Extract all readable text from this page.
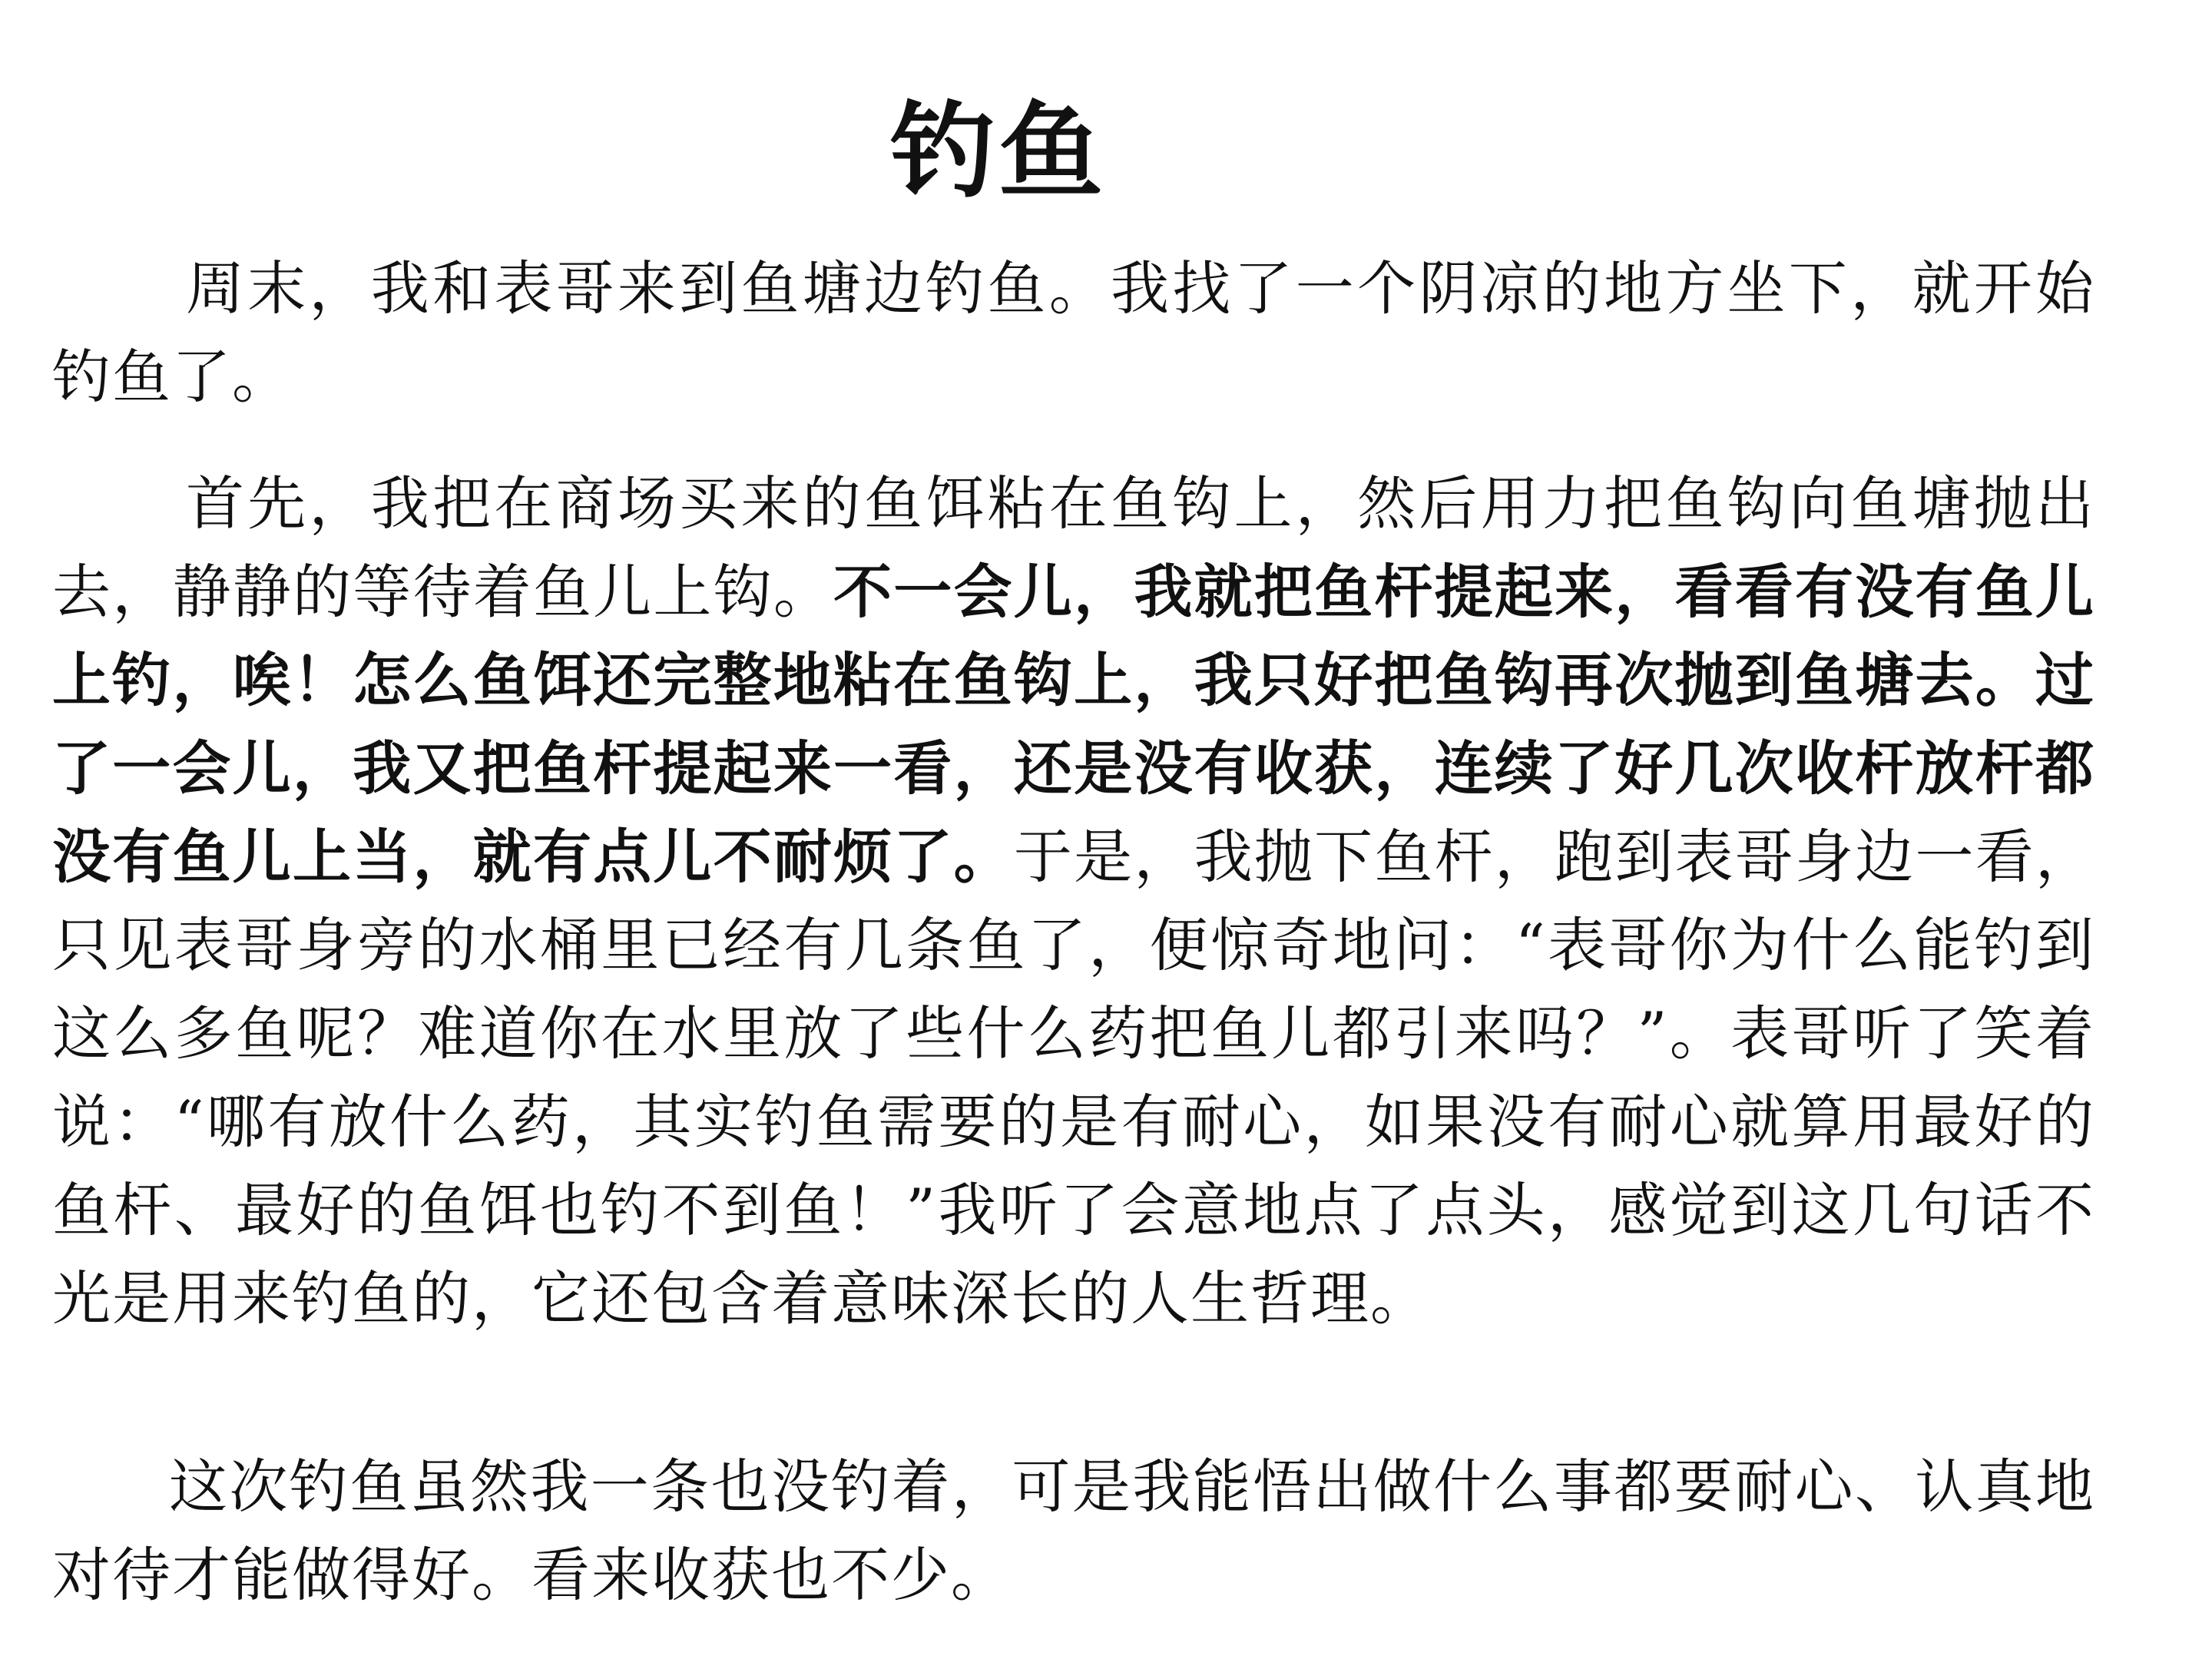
钓鱼

周末，我和表哥来到鱼塘边钓鱼。我找了一个阴凉的地方坐下，就开始钓鱼了。

首先，我把在商场买来的鱼饵粘在鱼钩上，然后用力把鱼钩向鱼塘抛出去，静静的等待着鱼儿上钩。不一会儿，我就把鱼杆提起来，看看有没有鱼儿上钓，唉！怎么鱼饵还完整地粘在鱼钩上，我只好把鱼钩再次抛到鱼塘去。过了一会儿，我又把鱼杆提起来一看，还是没有收获，连续了好几次收杆放杆都没有鱼儿上当，就有点儿不耐烦了。于是，我抛下鱼杆，跑到表哥身边一看，只见表哥身旁的水桶里已经有几条鱼了，便惊奇地问：“表哥你为什么能钓到这么多鱼呢？难道你在水里放了些什么药把鱼儿都引来吗？”。表哥听了笑着说：“哪有放什么药，其实钓鱼需要的是有耐心，如果没有耐心就算用最好的鱼杆、最好的鱼饵也钓不到鱼！”我听了会意地点了点头，感觉到这几句话不光是用来钓鱼的，它还包含着意味深长的人生哲理。

这次钓鱼虽然我一条也没钓着，可是我能悟出做什么事都要耐心、认真地对待才能做得好。看来收获也不少。
